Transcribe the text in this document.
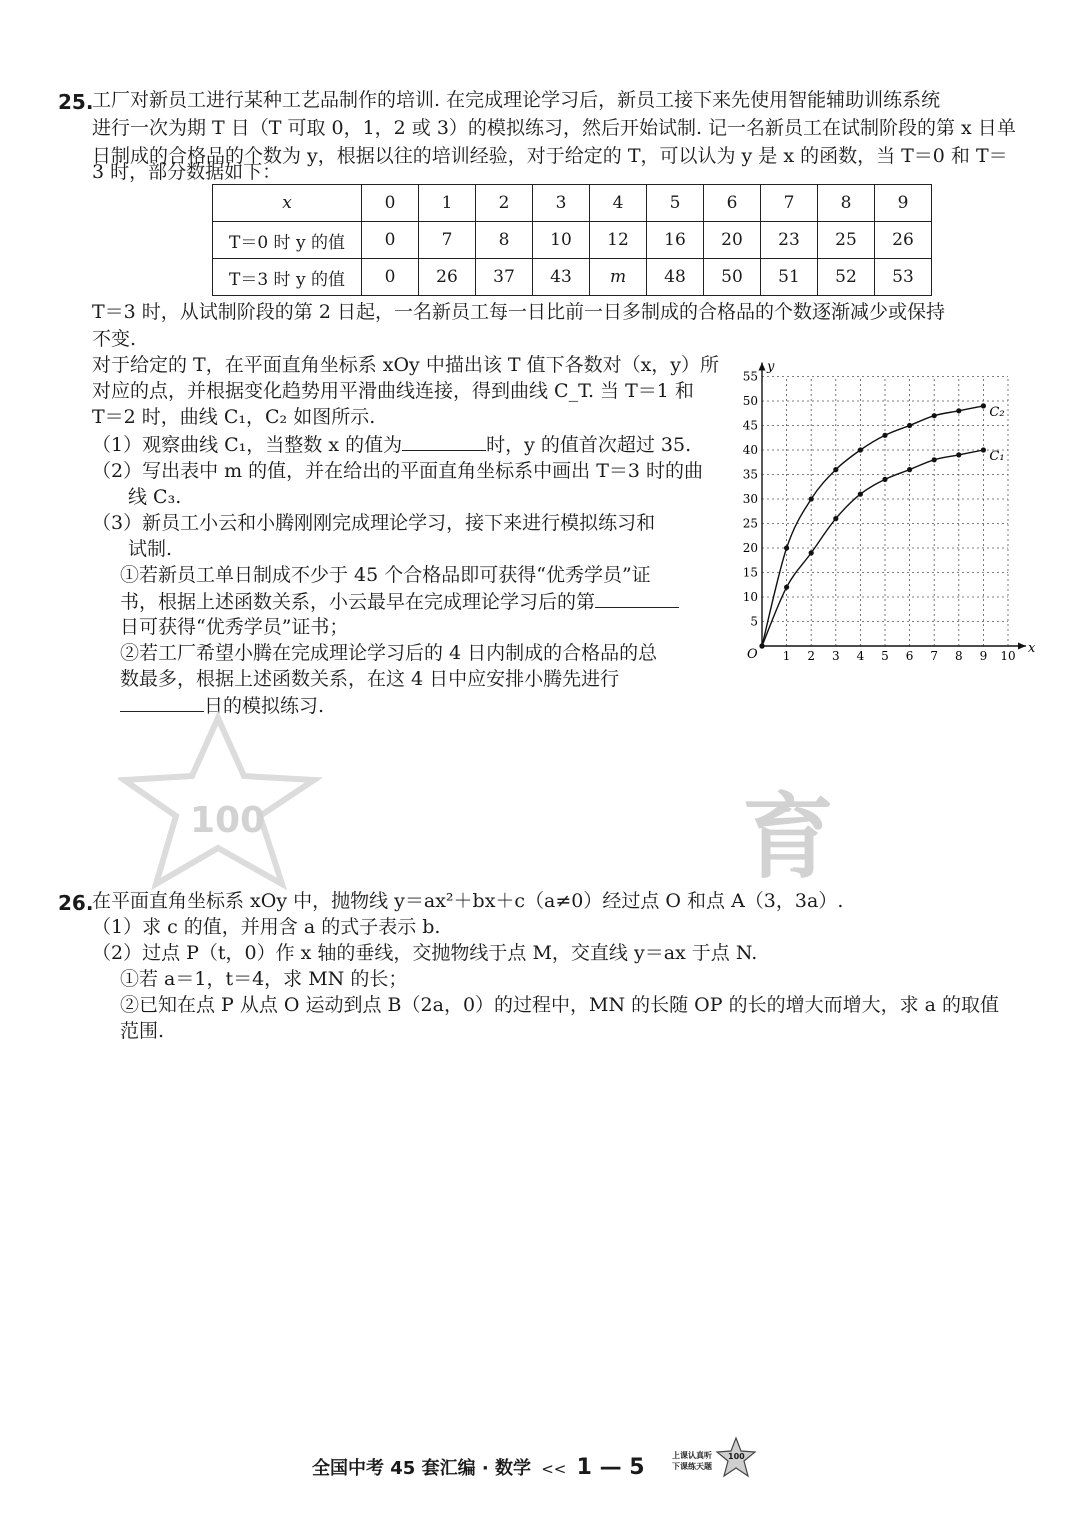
25.
工厂对新员工进行某种工艺品制作的培训. 在完成理论学习后，新员工接下来先使用智能辅助训练系统
进行一次为期 T 日（T 可取 0，1，2 或 3）的模拟练习，然后开始试制. 记一名新员工在试制阶段的第 x 日单
日制成的合格品的个数为 y，根据以往的培训经验，对于给定的 T，可以认为 y 是 x 的函数，当 T＝0 和 T＝
3 时，部分数据如下：
x	0	1	2	3	4	5	6	7	8	9
T＝0 时 y 的值	0	7	8	10	12	16	20	23	25	26
T＝3 时 y 的值	0	26	37	43	m	48	50	51	52	53
T＝3 时，从试制阶段的第 2 日起，一名新员工每一日比前一日多制成的合格品的个数逐渐减少或保持
不变.
对于给定的 T，在平面直角坐标系 xOy 中描出该 T 值下各数对（x，y）所
对应的点，并根据变化趋势用平滑曲线连接，得到曲线 C_T. 当 T＝1 和
T＝2 时，曲线 C₁，C₂ 如图所示.
（1）观察曲线 C₁，当整数 x 的值为	时，y 的值首次超过 35.
（2）写出表中 m 的值，并在给出的平面直角坐标系中画出 T＝3 时的曲
线 C₃.
（3）新员工小云和小腾刚刚完成理论学习，接下来进行模拟练习和
试制.
①若新员工单日制成不少于 45 个合格品即可获得“优秀学员”证
书，根据上述函数关系，小云最早在完成理论学习后的第
日可获得“优秀学员”证书；
②若工厂希望小腾在完成理论学习后的 4 日内制成的合格品的总
数最多，根据上述函数关系，在这 4 日中应安排小腾先进行
日的模拟练习.
x
y
O 1 2 3 4 5 6 7 8 9 10
5
10
15
20
25
30
35
40
45
50
55
C₂
C₁
100	育
26.
在平面直角坐标系 xOy 中，抛物线 y＝ax²＋bx＋c（a≠0）经过点 O 和点 A（3，3a）.
（1）求 c 的值，并用含 a 的式子表示 b.
（2）过点 P（t，0）作 x 轴的垂线，交抛物线于点 M，交直线 y＝ax 于点 N.
①若 a＝1，t＝4，求 MN 的长；
②已知在点 P 从点 O 运动到点 B（2a，0）的过程中，MN 的长随 OP 的长的增大而增大，求 a 的取值
范围.
全国中考 45 套汇编 · 数学 << 1 — 5	上课认真听
下课练天题
100
